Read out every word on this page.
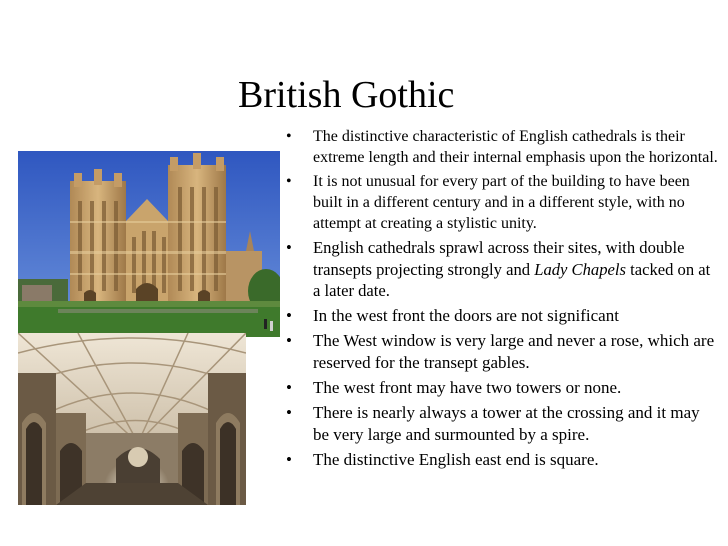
British Gothic
• The distinctive characteristic of English cathedrals is their extreme length and their internal emphasis upon the horizontal.
• It is not unusual for every part of the building to have been built in a different century and in a different style, with no attempt at creating a stylistic unity.
• English cathedrals sprawl across their sites, with double transepts projecting strongly and Lady Chapels tacked on at a later date.
• In the west front the doors are not significant
• The West window is very large and never a rose, which are reserved for the transept gables.
• The west front may have two towers or none.
• There is nearly always a tower at the crossing and it may be very large and surmounted by a spire.
• The distinctive English east end is square.
